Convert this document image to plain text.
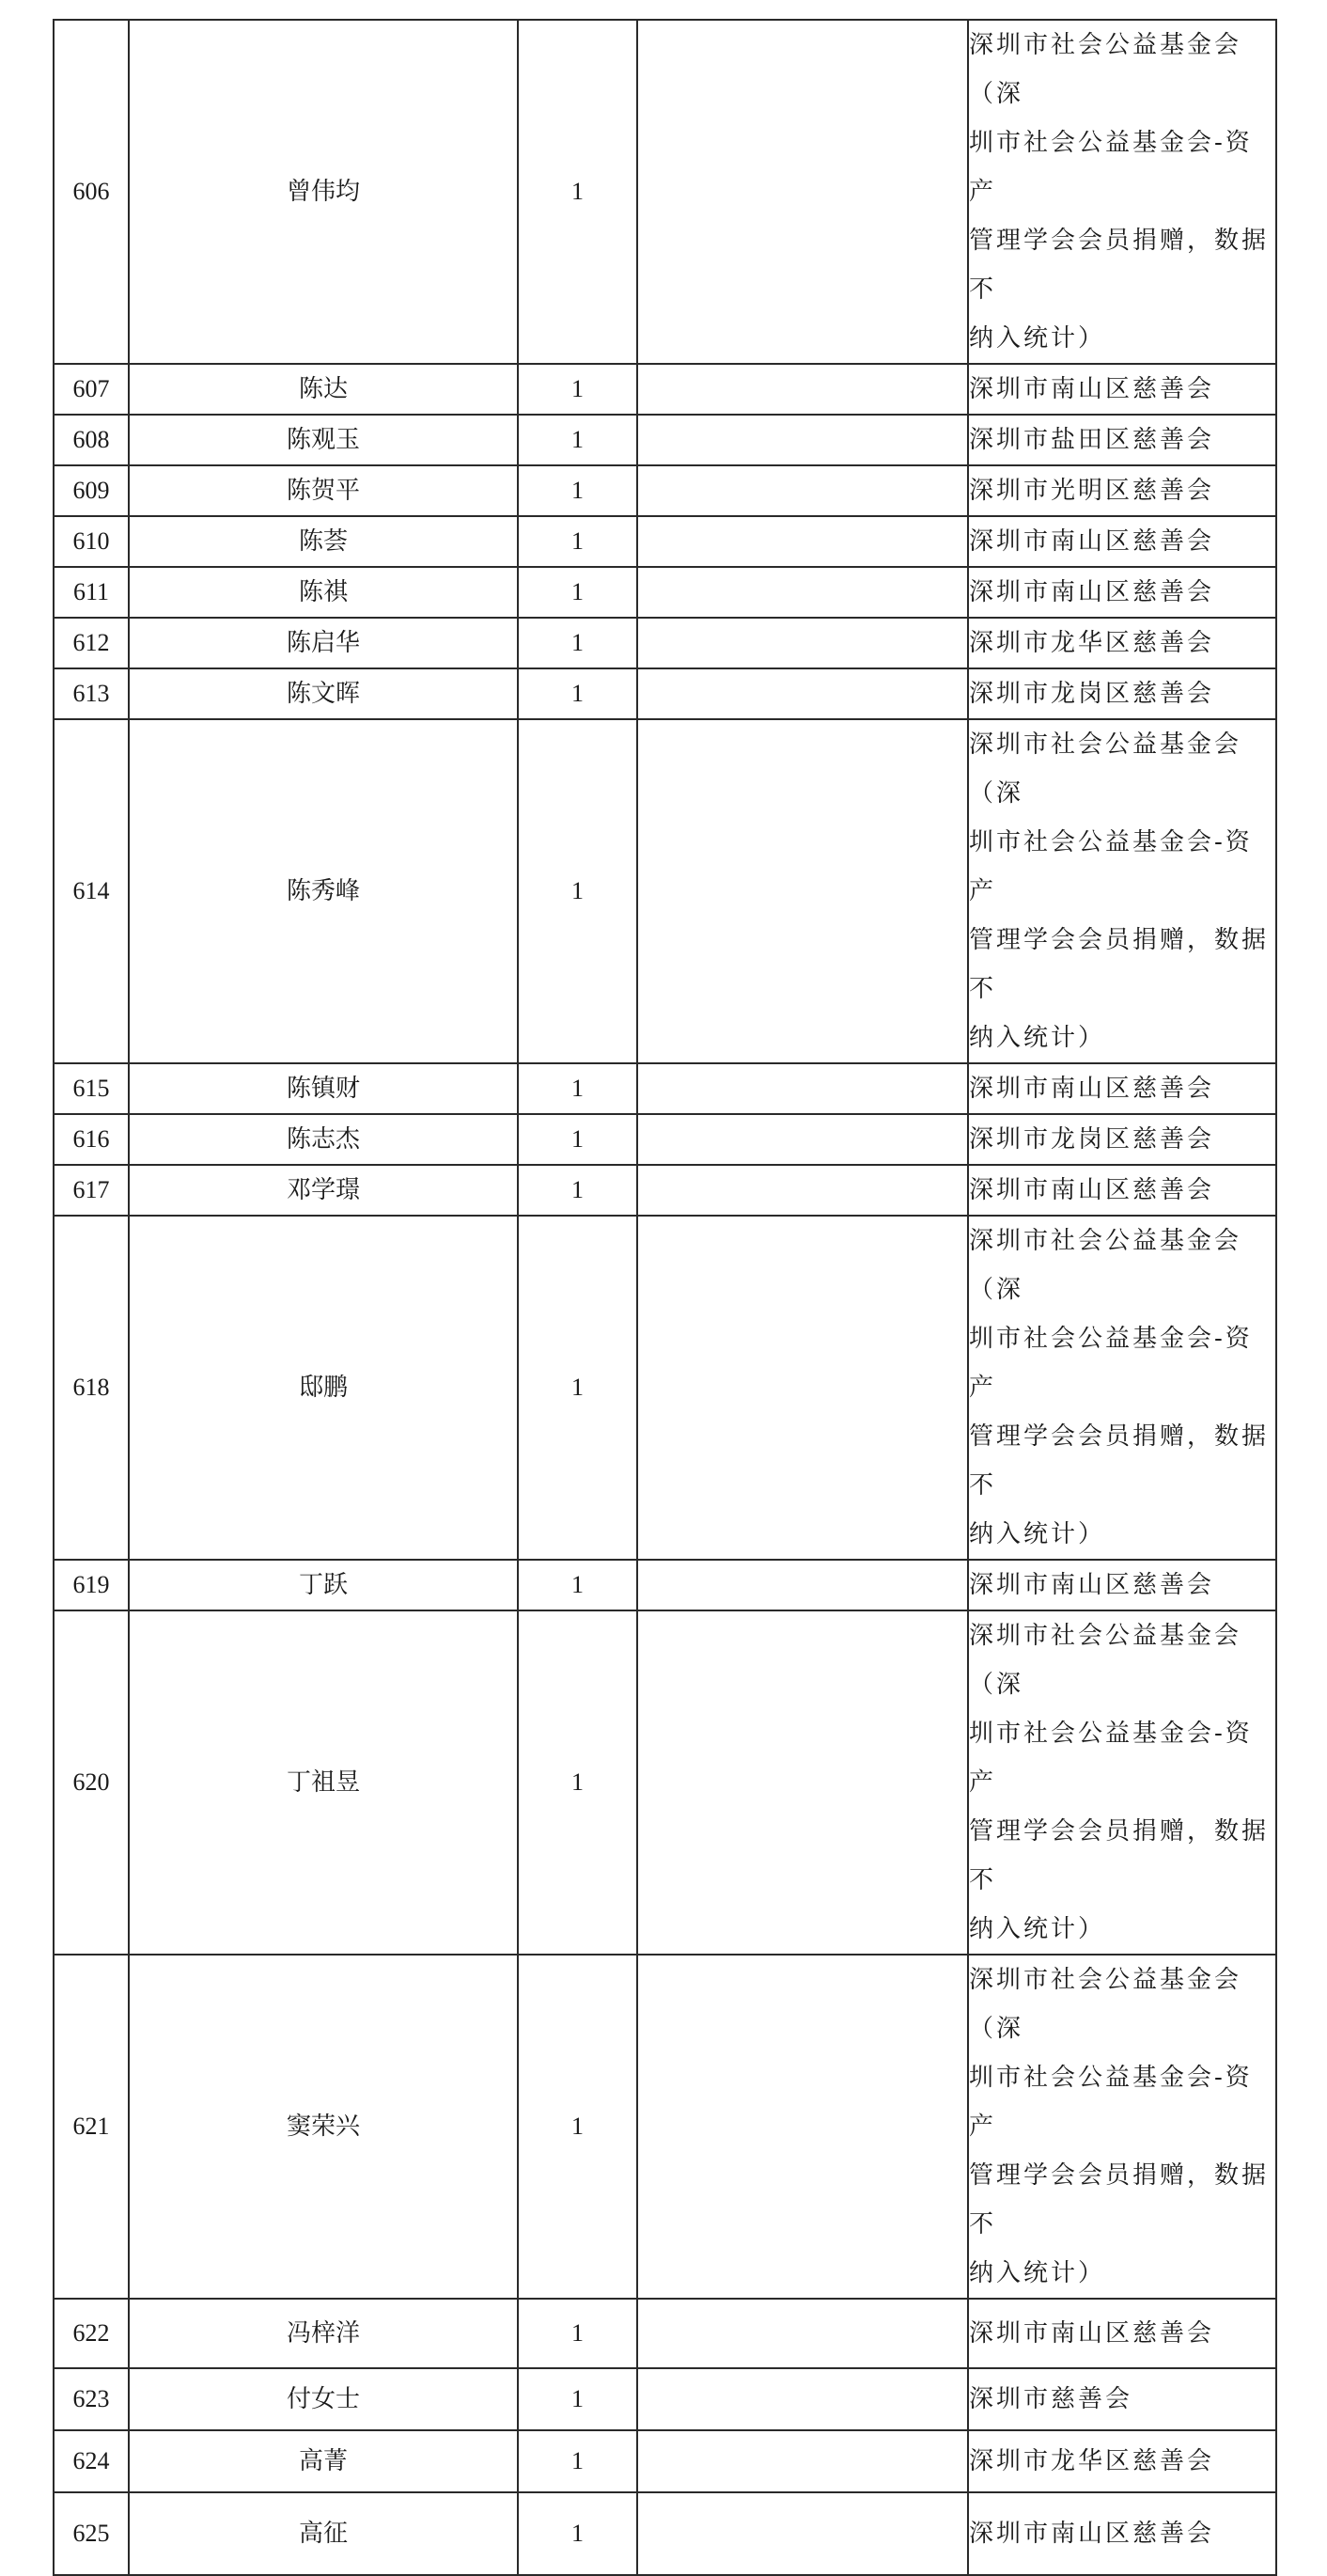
606	曾伟均	1		深圳市社会公益基金会（深
圳市社会公益基金会-资产
管理学会会员捐赠，数据不
纳入统计）
607	陈达	1		深圳市南山区慈善会
608	陈观玉	1		深圳市盐田区慈善会
609	陈贺平	1		深圳市光明区慈善会
610	陈荟	1		深圳市南山区慈善会
611	陈祺	1		深圳市南山区慈善会
612	陈启华	1		深圳市龙华区慈善会
613	陈文晖	1		深圳市龙岗区慈善会
614	陈秀峰	1		深圳市社会公益基金会（深
圳市社会公益基金会-资产
管理学会会员捐赠，数据不
纳入统计）
615	陈镇财	1		深圳市南山区慈善会
616	陈志杰	1		深圳市龙岗区慈善会
617	邓学璟	1		深圳市南山区慈善会
618	邸鹏	1		深圳市社会公益基金会（深
圳市社会公益基金会-资产
管理学会会员捐赠，数据不
纳入统计）
619	丁跃	1		深圳市南山区慈善会
620	丁祖昱	1		深圳市社会公益基金会（深
圳市社会公益基金会-资产
管理学会会员捐赠，数据不
纳入统计）
621	窦荣兴	1		深圳市社会公益基金会（深
圳市社会公益基金会-资产
管理学会会员捐赠，数据不
纳入统计）
622	冯梓洋	1		深圳市南山区慈善会
623	付女士	1		深圳市慈善会
624	高菁	1		深圳市龙华区慈善会
625	高征	1		深圳市南山区慈善会
